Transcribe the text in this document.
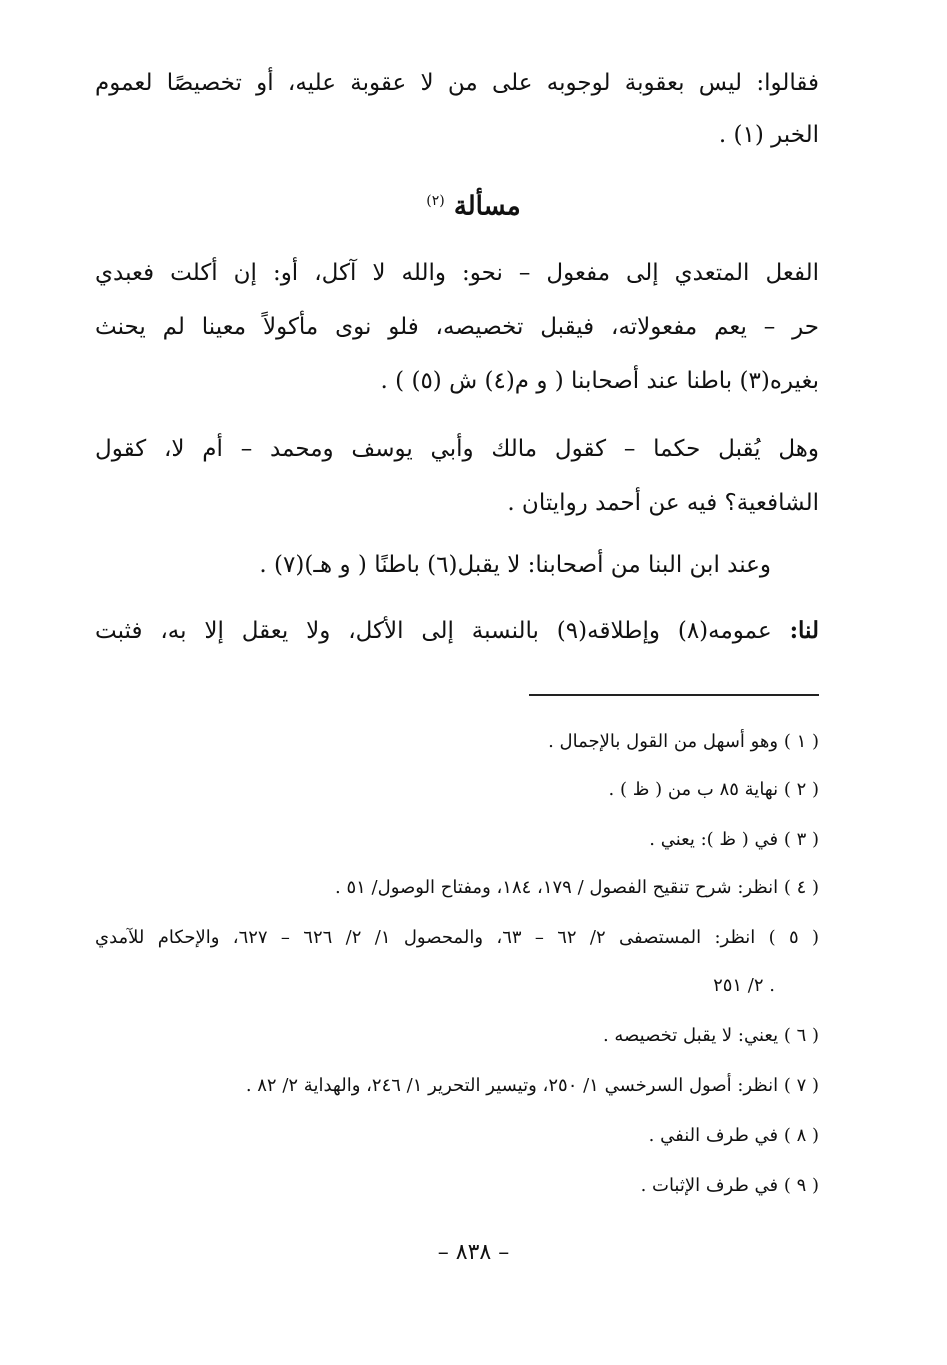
فقالوا: ليس بعقوبة لوجوبه على من لا عقوبة عليه، أو تخصيصًا لعموم
الخبر (١) .
مسألة $^{(٢)}$
الفعل المتعدي إلى مفعول – نحو: والله لا آكل، أو: إن أكلت فعبدي
حر – يعم مفعولاته، فيقبل تخصيصه، فلو نوى مأكولاً معينا لم يحنث
بغيره(٣) باطنا عند أصحابنا ( و م(٤) ش (٥) ) .
وهل يُقبل حكما – كقول مالك وأبي يوسف ومحمد – أم لا، كقول
الشافعية؟ فيه عن أحمد روايتان .
وعند ابن البنا من أصحابنا: لا يقبل(٦) باطنًا ( و هـ)(٧) .
لنا: عمومه(٨) وإطلاقه(٩) بالنسبة إلى الأكل، ولا يعقل إلا به، فثبت
( ١ ) وهو أسهل من القول بالإجمال .
( ٢ ) نهاية ٨٥ ب من ( ظ ) .
( ٣ ) في ( ظ ): يعني .
( ٤ ) انظر: شرح تنقيح الفصول / ١٧٩، ١٨٤، ومفتاح الوصول/ ٥١ .
( ٥ ) انظر: المستصفى ٢/ ٦٢ – ٦٣، والمحصول ١/ ٢/ ٦٢٦ – ٦٢٧، والإحكام للآمدي
٢/ ٢٥١ .
( ٦ ) يعني: لا يقبل تخصيصه .
( ٧ ) انظر: أصول السرخسي ١/ ٢٥٠، وتيسير التحرير ١/ ٢٤٦، والهداية ٢/ ٨٢ .
( ٨ ) في طرف النفي .
( ٩ ) في طرف الإثبات .
– ٨٣٨ –
